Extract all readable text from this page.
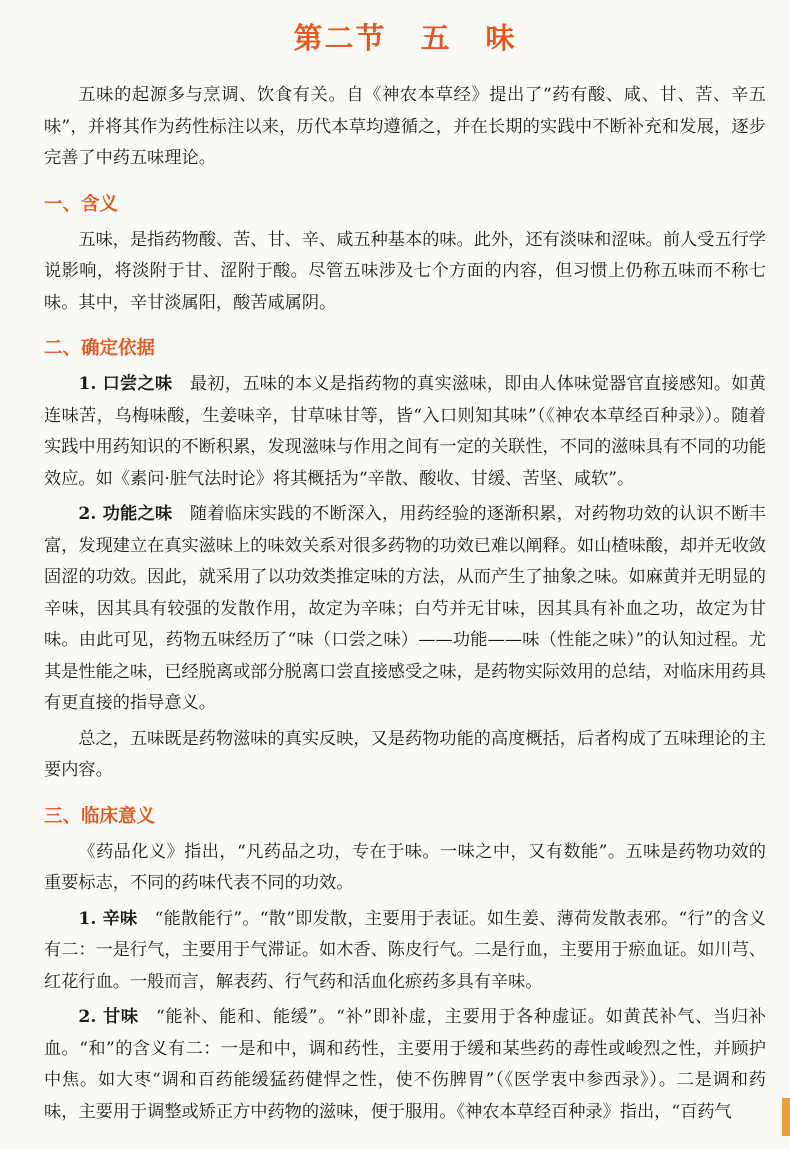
第二节 五 味

五味的起源多与烹调、饮食有关。自《神农本草经》提出了“药有酸、咸、甘、苦、辛五味”，并将其作为药性标注以来，历代本草均遵循之，并在长期的实践中不断补充和发展，逐步完善了中药五味理论。

一、含义

五味，是指药物酸、苦、甘、辛、咸五种基本的味。此外，还有淡味和涩味。前人受五行学说影响，将淡附于甘、涩附于酸。尽管五味涉及七个方面的内容，但习惯上仍称五味而不称七味。其中，辛甘淡属阳，酸苦咸属阴。

二、确定依据

1. 口尝之味  最初，五味的本义是指药物的真实滋味，即由人体味觉器官直接感知。如黄连味苦，乌梅味酸，生姜味辛，甘草味甘等，皆“入口则知其味”（《神农本草经百种录》）。随着实践中用药知识的不断积累，发现滋味与作用之间有一定的关联性，不同的滋味具有不同的功能效应。如《素问·脏气法时论》将其概括为“辛散、酸收、甘缓、苦坚、咸软”。

2. 功能之味  随着临床实践的不断深入，用药经验的逐渐积累，对药物功效的认识不断丰富，发现建立在真实滋味上的味效关系对很多药物的功效已难以阐释。如山楂味酸，却并无收敛固涩的功效。因此，就采用了以功效类推定味的方法，从而产生了抽象之味。如麻黄并无明显的辛味，因其具有较强的发散作用，故定为辛味；白芍并无甘味，因其具有补血之功，故定为甘味。由此可见，药物五味经历了“味（口尝之味）——功能——味（性能之味）”的认知过程。尤其是性能之味，已经脱离或部分脱离口尝直接感受之味，是药物实际效用的总结，对临床用药具有更直接的指导意义。

总之，五味既是药物滋味的真实反映，又是药物功能的高度概括，后者构成了五味理论的主要内容。

三、临床意义

《药品化义》指出，“凡药品之功，专在于味。一味之中，又有数能”。五味是药物功效的重要标志，不同的药味代表不同的功效。

1. 辛味  “能散能行”。“散”即发散，主要用于表证。如生姜、薄荷发散表邪。“行”的含义有二：一是行气，主要用于气滞证。如木香、陈皮行气。二是行血，主要用于瘀血证。如川芎、红花行血。一般而言，解表药、行气药和活血化瘀药多具有辛味。

2. 甘味  “能补、能和、能缓”。“补”即补虚，主要用于各种虚证。如黄芪补气、当归补血。“和”的含义有二：一是和中，调和药性，主要用于缓和某些药的毒性或峻烈之性，并顾护中焦。如大枣“调和百药能缓猛药健悍之性，使不伤脾胃”（《医学衷中参西录》）。二是调和药味，主要用于调整或矫正方中药物的滋味，便于服用。《神农本草经百种录》指出，“百药气
